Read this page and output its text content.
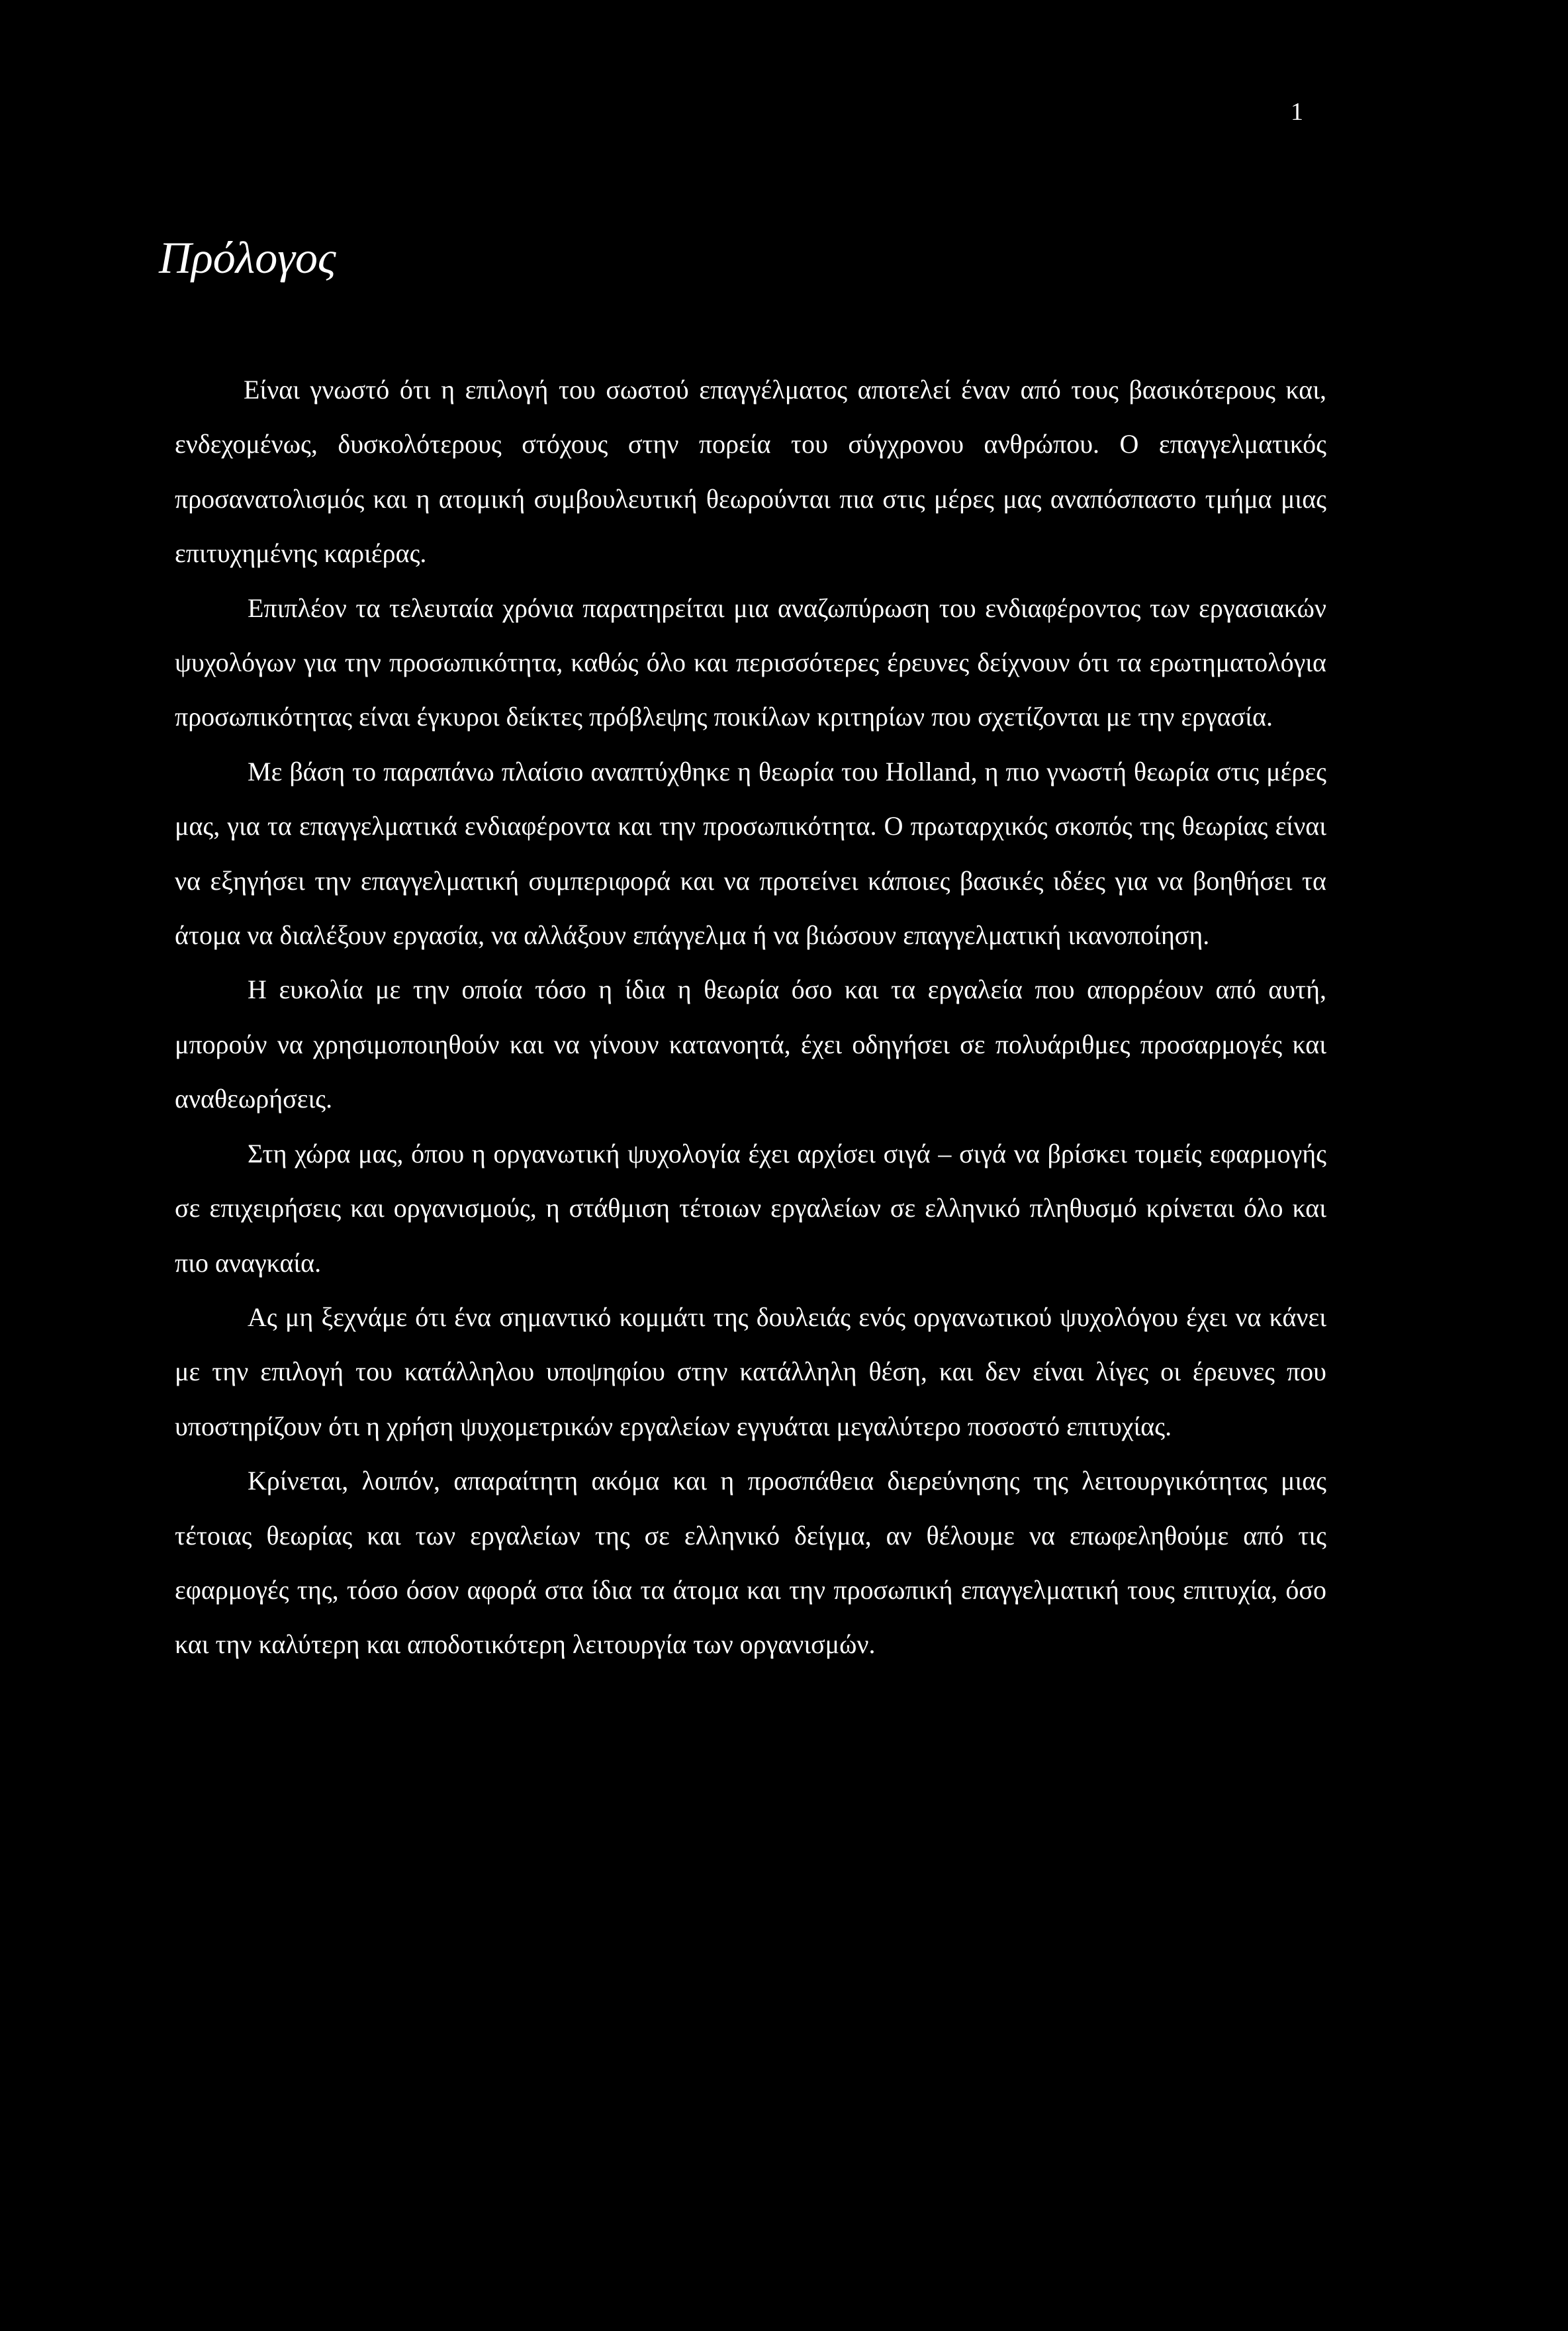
1
Πρόλογος

Είναι γνωστό ότι η επιλογή του σωστού επαγγέλματος αποτελεί έναν από τους βασικότερους και, ενδεχομένως, δυσκολότερους στόχους στην πορεία του σύγχρονου ανθρώπου. Ο επαγγελματικός προσανατολισμός και η ατομική συμβουλευτική θεωρούνται πια στις μέρες μας αναπόσπαστο τμήμα μιας επιτυχημένης καριέρας.

Επιπλέον τα τελευταία χρόνια παρατηρείται μια αναζωπύρωση του ενδιαφέροντος των εργασιακών ψυχολόγων για την προσωπικότητα, καθώς όλο και περισσότερες έρευνες δείχνουν ότι τα ερωτηματολόγια προσωπικότητας είναι έγκυροι δείκτες πρόβλεψης ποικίλων κριτηρίων που σχετίζονται με την εργασία.

Με βάση το παραπάνω πλαίσιο αναπτύχθηκε η θεωρία του Holland, η πιο γνωστή θεωρία στις μέρες μας, για τα επαγγελματικά ενδιαφέροντα και την προσωπικότητα. Ο πρωταρχικός σκοπός της θεωρίας είναι να εξηγήσει την επαγγελματική συμπεριφορά και να προτείνει κάποιες βασικές ιδέες για να βοηθήσει τα άτομα να διαλέξουν εργασία, να αλλάξουν επάγγελμα ή να βιώσουν επαγγελματική ικανοποίηση.

Η ευκολία με την οποία τόσο η ίδια η θεωρία όσο και τα εργαλεία που απορρέουν από αυτή, μπορούν να χρησιμοποιηθούν και να γίνουν κατανοητά, έχει οδηγήσει σε πολυάριθμες προσαρμογές και αναθεωρήσεις.

Στη χώρα μας, όπου η οργανωτική ψυχολογία έχει αρχίσει σιγά – σιγά να βρίσκει τομείς εφαρμογής σε επιχειρήσεις και οργανισμούς, η στάθμιση τέτοιων εργαλείων σε ελληνικό πληθυσμό κρίνεται όλο και πιο αναγκαία.

Ας μη ξεχνάμε ότι ένα σημαντικό κομμάτι της δουλειάς ενός οργανωτικού ψυχολόγου έχει να κάνει με την επιλογή του κατάλληλου υποψηφίου στην κατάλληλη θέση, και δεν είναι λίγες οι έρευνες που υποστηρίζουν ότι η χρήση ψυχομετρικών εργαλείων εγγυάται μεγαλύτερο ποσοστό επιτυχίας.

Κρίνεται, λοιπόν, απαραίτητη ακόμα και η προσπάθεια διερεύνησης της λειτουργικότητας μιας τέτοιας θεωρίας και των εργαλείων της σε ελληνικό δείγμα, αν θέλουμε να επωφεληθούμε από τις εφαρμογές της, τόσο όσον αφορά στα ίδια τα άτομα και την προσωπική επαγγελματική τους επιτυχία, όσο και την καλύτερη και αποδοτικότερη λειτουργία των οργανισμών.
